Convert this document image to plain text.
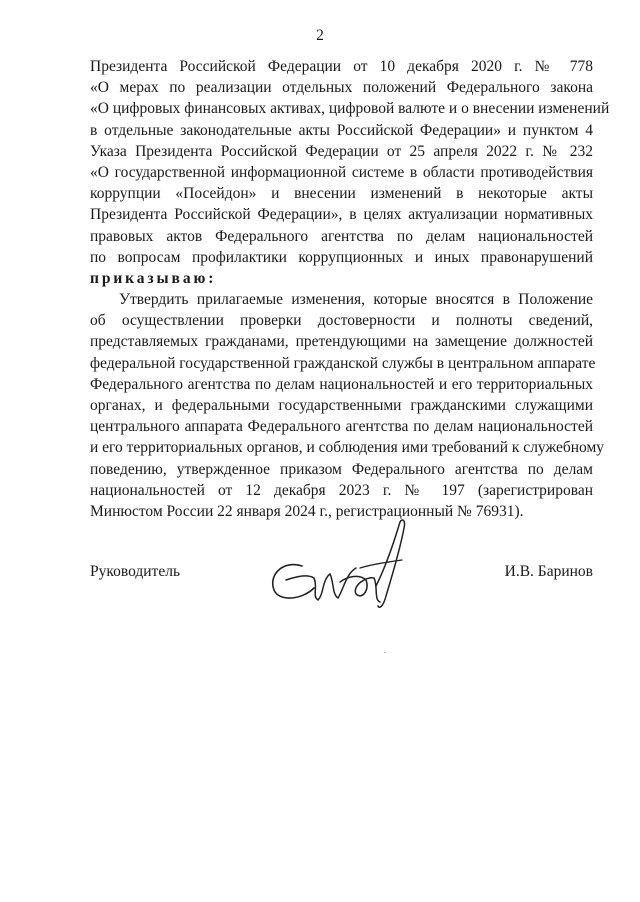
2
Президента Российской Федерации от 10 декабря 2020 г. № 778
«О мерах по реализации отдельных положений Федерального закона
«О цифровых финансовых активах, цифровой валюте и о внесении изменений
в отдельные законодательные акты Российской Федерации» и пунктом 4
Указа Президента Российской Федерации от 25 апреля 2022 г. № 232
«О государственной информационной системе в области противодействия
коррупции «Посейдон» и внесении изменений в некоторые акты
Президента Российской Федерации», в целях актуализации нормативных
правовых актов Федерального агентства по делам национальностей
по вопросам профилактики коррупционных и иных правонарушений
приказываю:
Утвердить прилагаемые изменения, которые вносятся в Положение
об осуществлении проверки достоверности и полноты сведений,
представляемых гражданами, претендующими на замещение должностей
федеральной государственной гражданской службы в центральном аппарате
Федерального агентства по делам национальностей и его территориальных
органах, и федеральными государственными гражданскими служащими
центрального аппарата Федерального агентства по делам национальностей
и его территориальных органов, и соблюдения ими требований к служебному
поведению, утвержденное приказом Федерального агентства по делам
национальностей от 12 декабря 2023 г. № 197 (зарегистрирован
Минюстом России 22 января 2024 г., регистрационный № 76931).
Руководитель	И.В. Баринов
